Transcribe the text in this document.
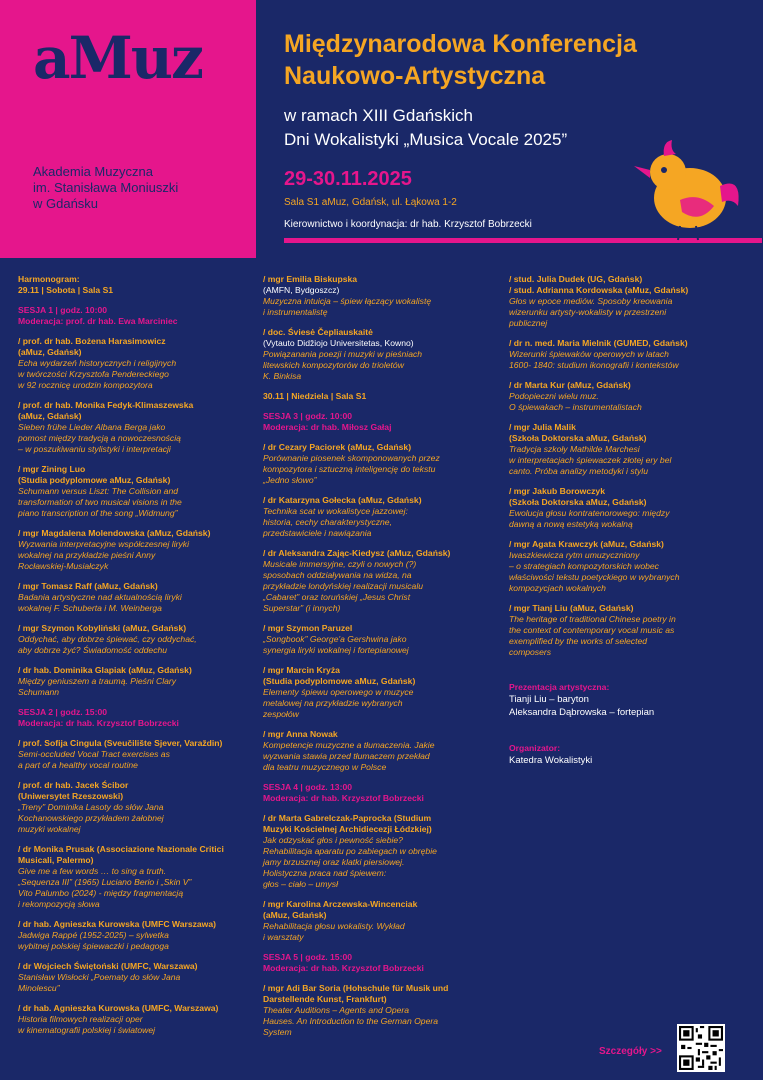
aMuz
Akademia Muzyczna
im. Stanisława Moniuszki
w Gdańsku
Międzynarodowa Konferencja
Naukowo-Artystyczna
w ramach XIII Gdańskich
Dni Wokalistyki „Musica Vocale 2025”
29-30.11.2025
Sala S1 aMuz, Gdańsk, ul. Łąkowa 1-2
Kierownictwo i koordynacja: dr hab. Krzysztof Bobrzecki
Harmonogram:
29.11 | Sobota | Sala S1
SESJA 1 | godz. 10:00
Moderacja: prof. dr hab. Ewa Marciniec
/ prof. dr hab. Bożena Harasimowicz
(aMuz, Gdańsk)
Echa wydarzeń historycznych i religijnych
w twórczości Krzysztofa Pendereckiego
w 92 rocznicę urodzin kompozytora
/ prof. dr hab. Monika Fedyk-Klimaszewska
(aMuz, Gdańsk)
Sieben frühe Lieder Albana Berga jako
pomost między tradycją a nowoczesnością
– w poszukiwaniu stylistyki i interpretacji
/ mgr Zining Luo
(Studia podyplomowe aMuz, Gdańsk)
Schumann versus Liszt: The Collision and
transformation of two musical visions in the
piano transcription of the song „Widmung”
/ mgr Magdalena Molendowska (aMuz, Gdańsk)
Wyzwania interpretacyjne współczesnej liryki
wokalnej na przykładzie pieśni Anny
Rocławskiej-Musiałczyk
/ mgr Tomasz Raff (aMuz, Gdańsk)
Badania artystyczne nad aktualnością liryki
wokalnej F. Schuberta i M. Weinberga
/ mgr Szymon Kobyliński (aMuz, Gdańsk)
Oddychać, aby dobrze śpiewać, czy oddychać,
aby dobrze żyć? Świadomość oddechu
/ dr hab. Dominika Glapiak (aMuz, Gdańsk)
Między geniuszem a traumą. Pieśni Clary
Schumann
SESJA 2 | godz. 15:00
Moderacja: dr hab. Krzysztof Bobrzecki
/ prof. Sofija Cingula (Sveučilište Sjever, Varaždin)
Semi-occluded Vocal Tract exercises as
a part of a healthy vocal routine
/ prof. dr hab. Jacek Ścibor
(Uniwersytet Rzeszowski)
„Treny” Dominika Lasoty do słów Jana
Kochanowskiego przykładem żałobnej
muzyki wokalnej
/ dr Monika Prusak (Associazione Nazionale Critici
Musicali, Palermo)
Give me a few words … to sing a truth.
„Sequenza III” (1965) Luciano Berio i „Skin V”
Vito Palumbo (2024) - między fragmentacją
i rekompozycją słowa
/ dr hab. Agnieszka Kurowska (UMFC Warszawa)
Jadwiga Rappé (1952-2025) – sylwetka
wybitnej polskiej śpiewaczki i pedagoga
/ dr Wojciech Świętoński (UMFC, Warszawa)
Stanisław Wisłocki „Poematy do słów Jana
Minolescu”
/ dr hab. Agnieszka Kurowska (UMFC, Warszawa)
Historia filmowych realizacji oper
w kinematografii polskiej i światowej
/ mgr Emilia Biskupska
(AMFN, Bydgoszcz)
Muzyczna intuicja – śpiew łączący wokalistę
i instrumentalistę
/ doc. Śviesė Čepliauskaitė
(Vytauto Didžiojo Universitetas, Kowno)
Powiązanania poezji i muzyki w pieśniach
litewskich kompozytorów do trioletów
K. Binkisa
30.11 | Niedziela | Sala S1
SESJA 3 | godz. 10:00
Moderacja: dr hab. Miłosz Gałaj
/ dr Cezary Paciorek (aMuz, Gdańsk)
Porównanie piosenek skomponowanych przez
kompozytora i sztuczną inteligencję do tekstu
„Jedno słowo”
/ dr Katarzyna Gołecka (aMuz, Gdańsk)
Technika scat w wokalistyce jazzowej:
historia, cechy charakterystyczne,
przedstawiciele i nawiązania
/ dr Aleksandra Zając-Kiedysz (aMuz, Gdańsk)
Musicale immersyjne, czyli o nowych (?)
sposobach oddziaływania na widza, na
przykładzie londyńskiej realizacji musicalu
„Cabaret” oraz toruńskiej „Jesus Christ
Superstar” (i innych)
/ mgr Szymon Paruzel
„Songbook” George'a Gershwina jako
synergia liryki wokalnej i fortepianowej
/ mgr Marcin Kryża
(Studia podyplomowe aMuz, Gdańsk)
Elementy śpiewu operowego w muzyce
metalowej na przykładzie wybranych
zespołów
/ mgr Anna Nowak
Kompetencje muzyczne a tłumaczenia. Jakie
wyzwania stawia przed tłumaczem przekład
dla teatru muzycznego w Polsce
SESJA 4 | godz. 13:00
Moderacja: dr hab. Krzysztof Bobrzecki
/ dr Marta Gabrelczak-Paprocka (Studium
Muzyki Kościelnej Archidiecezji Łódzkiej)
Jak odzyskać głos i pewność siebie?
Rehabilitacja aparatu po zabiegach w obrębie
jamy brzusznej oraz klatki piersiowej.
Holistyczna praca nad śpiewem:
głos – ciało – umysł
/ mgr Karolina Arczewska-Wincenciak
(aMuz, Gdańsk)
Rehabilitacja głosu wokalisty. Wykład
i warsztaty
SESJA 5 | godz. 15:00
Moderacja: dr hab. Krzysztof Bobrzecki
/ mgr Adi Bar Soria (Hohschule für Musik und
Darstellende Kunst, Frankfurt)
Theater Auditions – Agents and Opera
Hauses. An Introduction to the German Opera
System
/ stud. Julia Dudek (UG, Gdańsk)
/ stud. Adrianna Kordowska (aMuz, Gdańsk)
Głos w epoce mediów. Sposoby kreowania
wizerunku artysty-wokalisty w przestrzeni
publicznej
/ dr n. med. Maria Mielnik (GUMED, Gdańsk)
Wizerunki śpiewaków operowych w latach
1600- 1840: studium ikonografii i kontekstów
/ dr Marta Kur (aMuz, Gdańsk)
Podopieczni wielu muz.
O śpiewakach – instrumentalistach
/ mgr Julia Malik
(Szkoła Doktorska aMuz, Gdańsk)
Tradycja szkoły Mathilde Marchesi
w interpretacjach śpiewaczek złotej ery bel
canto. Próba analizy metodyki i stylu
/ mgr Jakub Borowczyk
(Szkoła Doktorska aMuz, Gdańsk)
Ewolucja głosu kontratenorowego: między
dawną a nową estetyką wokalną
/ mgr Agata Krawczyk (aMuz, Gdańsk)
Iwaszkiewicza rytm umuzyczniony
– o strategiach kompozytorskich wobec
właściwości tekstu poetyckiego w wybranych
kompozycjach wokalnych
/ mgr Tianj Liu (aMuz, Gdańsk)
The heritage of traditional Chinese poetry in
the context of contemporary vocal music as
exemplified by the works of selected
composers
Prezentacja artystyczna:
Tianji Liu – baryton
Aleksandra Dąbrowska – fortepian
Organizator:
Katedra Wokalistyki
Szczegóły >>
